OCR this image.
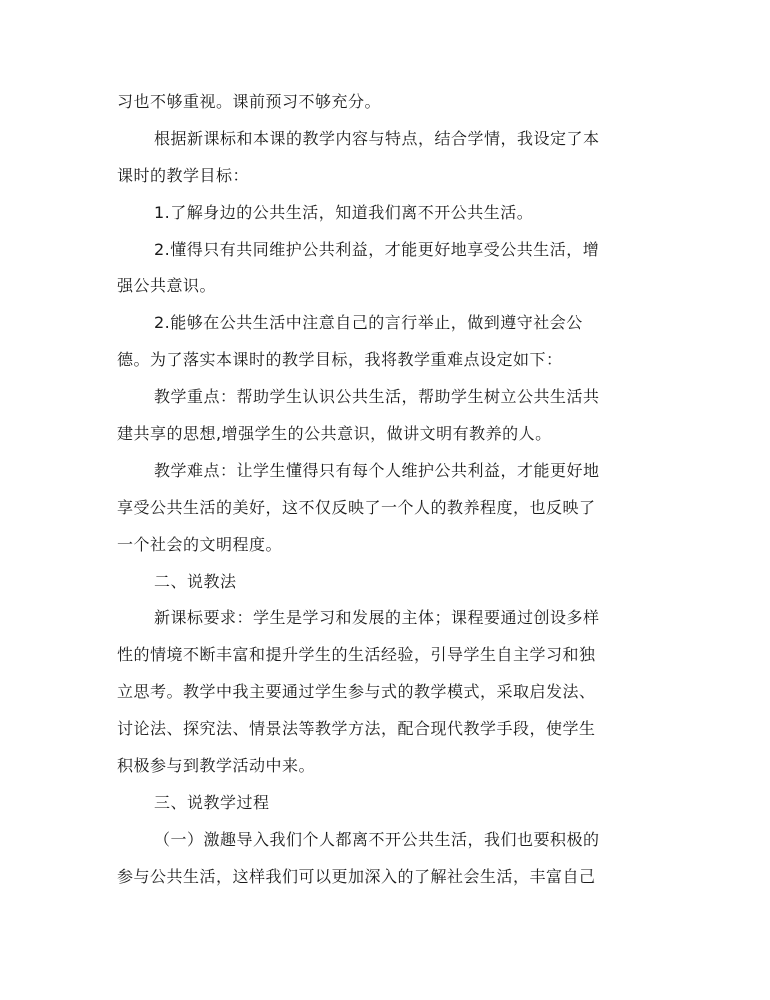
习也不够重视。课前预习不够充分。
根据新课标和本课的教学内容与特点，结合学情，我设定了本
课时的教学目标：
1.了解身边的公共生活，知道我们离不开公共生活。
2.懂得只有共同维护公共利益，才能更好地享受公共生活，增
强公共意识。
2.能够在公共生活中注意自己的言行举止，做到遵守社会公
德。为了落实本课时的教学目标，我将教学重难点设定如下：
教学重点：帮助学生认识公共生活，帮助学生树立公共生活共
建共享的思想,增强学生的公共意识，做讲文明有教养的人。
教学难点：让学生懂得只有每个人维护公共利益，才能更好地
享受公共生活的美好，这不仅反映了一个人的教养程度，也反映了
一个社会的文明程度。
二、说教法
新课标要求：学生是学习和发展的主体；课程要通过创设多样
性的情境不断丰富和提升学生的生活经验，引导学生自主学习和独
立思考。教学中我主要通过学生参与式的教学模式，采取启发法、
讨论法、探究法、情景法等教学方法，配合现代教学手段，使学生
积极参与到教学活动中来。
三、说教学过程
（一）激趣导入我们个人都离不开公共生活，我们也要积极的
参与公共生活，这样我们可以更加深入的了解社会生活，丰富自己
